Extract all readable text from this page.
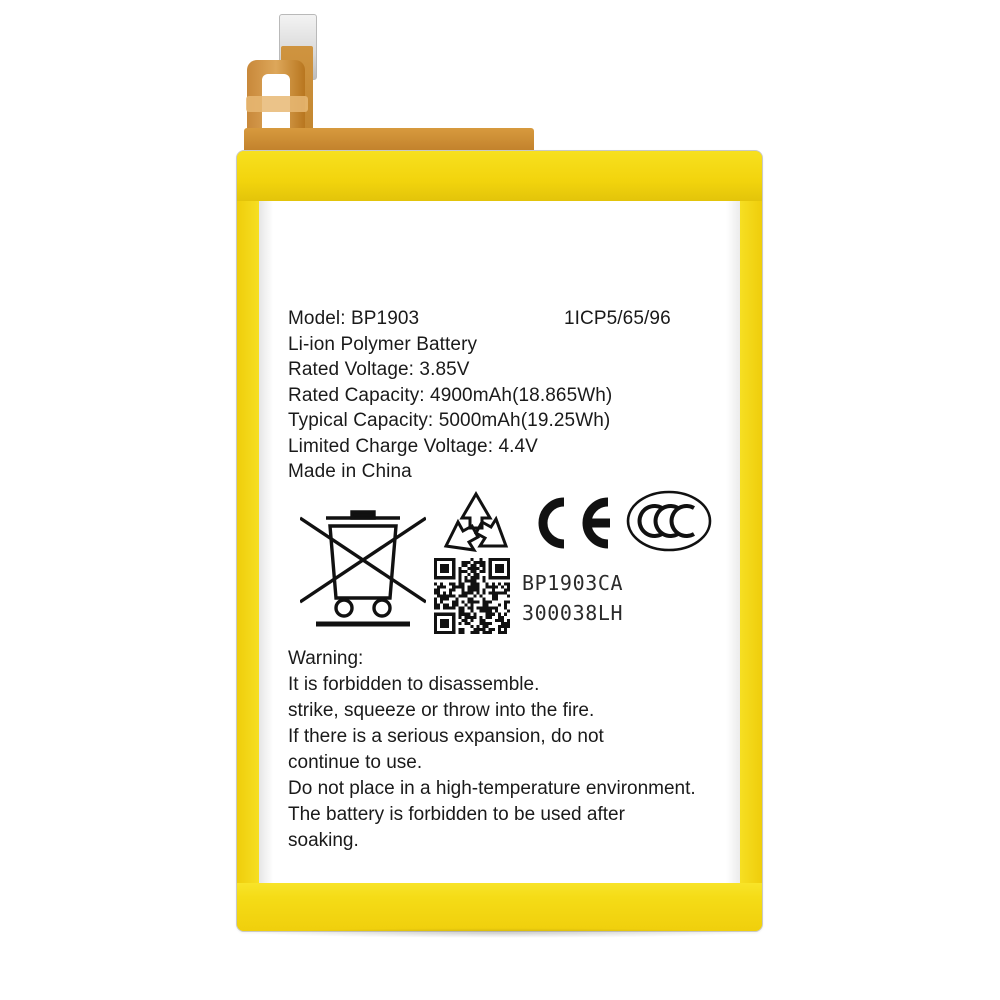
Model: BP1903	1ICP5/65/96
Li-ion Polymer Battery
Rated Voltage: 3.85V
Rated Capacity: 4900mAh(18.865Wh)
Typical Capacity: 5000mAh(19.25Wh)
Limited Charge Voltage: 4.4V
Made in China
BP1903CA
300038LH
Warning:
It is forbidden to disassemble.
strike, squeeze or throw into the fire.
If there is a serious expansion, do not
continue to use.
Do not place in a high-temperature environment.
The battery is forbidden to be used after
soaking.
